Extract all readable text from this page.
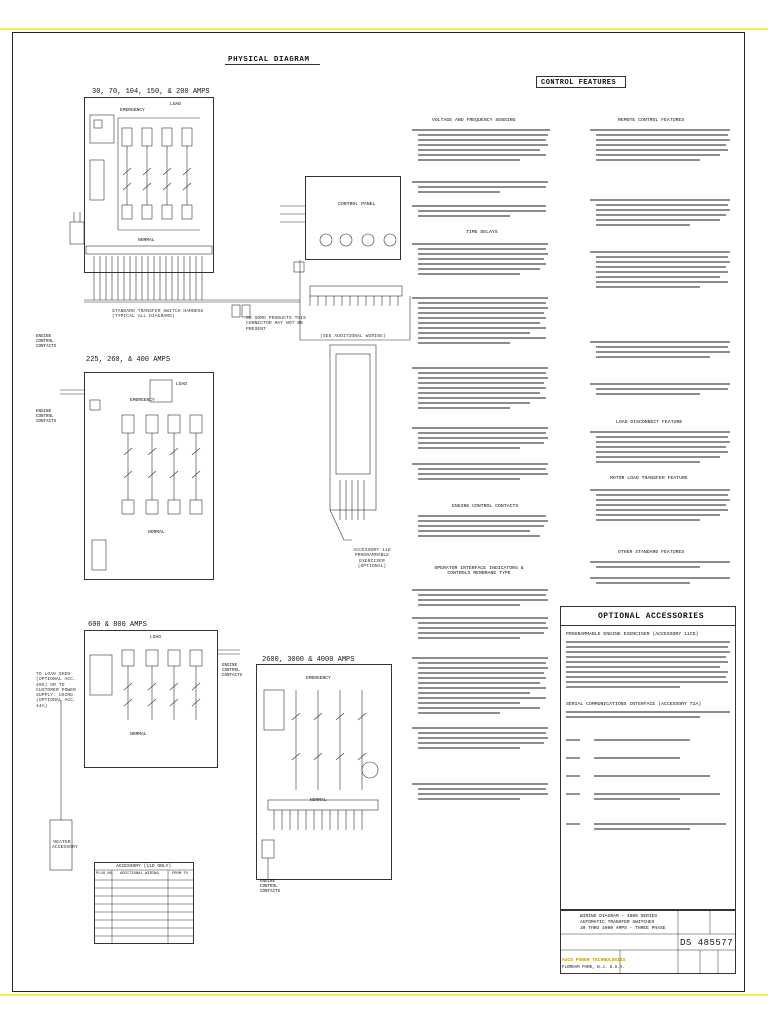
PHYSICAL DIAGRAM
CONTROL FEATURES
30, 70, 104, 150, & 200 AMPS
225, 260, & 400 AMPS
600 & 800 AMPS
2600, 3000 & 4000 AMPS
EMERGENCY
LOAD
NORMAL
ENGINE CONTROL CONTACTS
STANDARD TRANSFER SWITCH HARNESS (TYPICAL ALL DIAGRAMS)	ON SOME PRODUCTS THIS CONNECTOR MAY NOT BE PRESENT
CONTROL PANEL
(SEE ADDITIONAL WIRING)
ACCESSORY 11D PROGRAMMABLE EXERCISER (OPTIONAL)
EMERGENCY
LOAD
NORMAL
ENGINE CONTROL CONTACTS
LOAD
NORMAL
ENGINE CONTROL CONTACTS
TO LOAD SHED (OPTIONAL ACC. 49S) OR TO CUSTOMER POWER SUPPLY. USING (OPTIONAL ACC. 44A)
HEATER ACCESSORY
EMERGENCY
NORMAL
ENGINE CONTROL CONTACTS
ACCESSORY (11D ONLY)
PLUG NO. ADDITIONAL WIRING	FROM TO
VOLTAGE AND FREQUENCY SENSING
TIME DELAYS
ENGINE CONTROL CONTACTS
OPERATOR INTERFACE INDICATORS & CONTROLS MEMBRANE TYPE
REMOTE CONTROL FEATURES
LOAD DISCONNECT FEATURE
MOTOR LOAD TRANSFER FEATURE
OTHER STANDARD FEATURES
OPTIONAL ACCESSORIES
PROGRAMMABLE ENGINE EXERCISER (ACCESSORY 11CD)
SERIAL COMMUNICATIONS INTERFACE (ACCESSORY 72A)
WIRING DIAGRAM - 4000 SERIES
AUTOMATIC TRANSFER SWITCHES
30 THRU 4000 AMPS - THREE PHASE
DS 485577
ASCO POWER TECHNOLOGIES
FLORHAM PARK, N.J. U.S.A.
